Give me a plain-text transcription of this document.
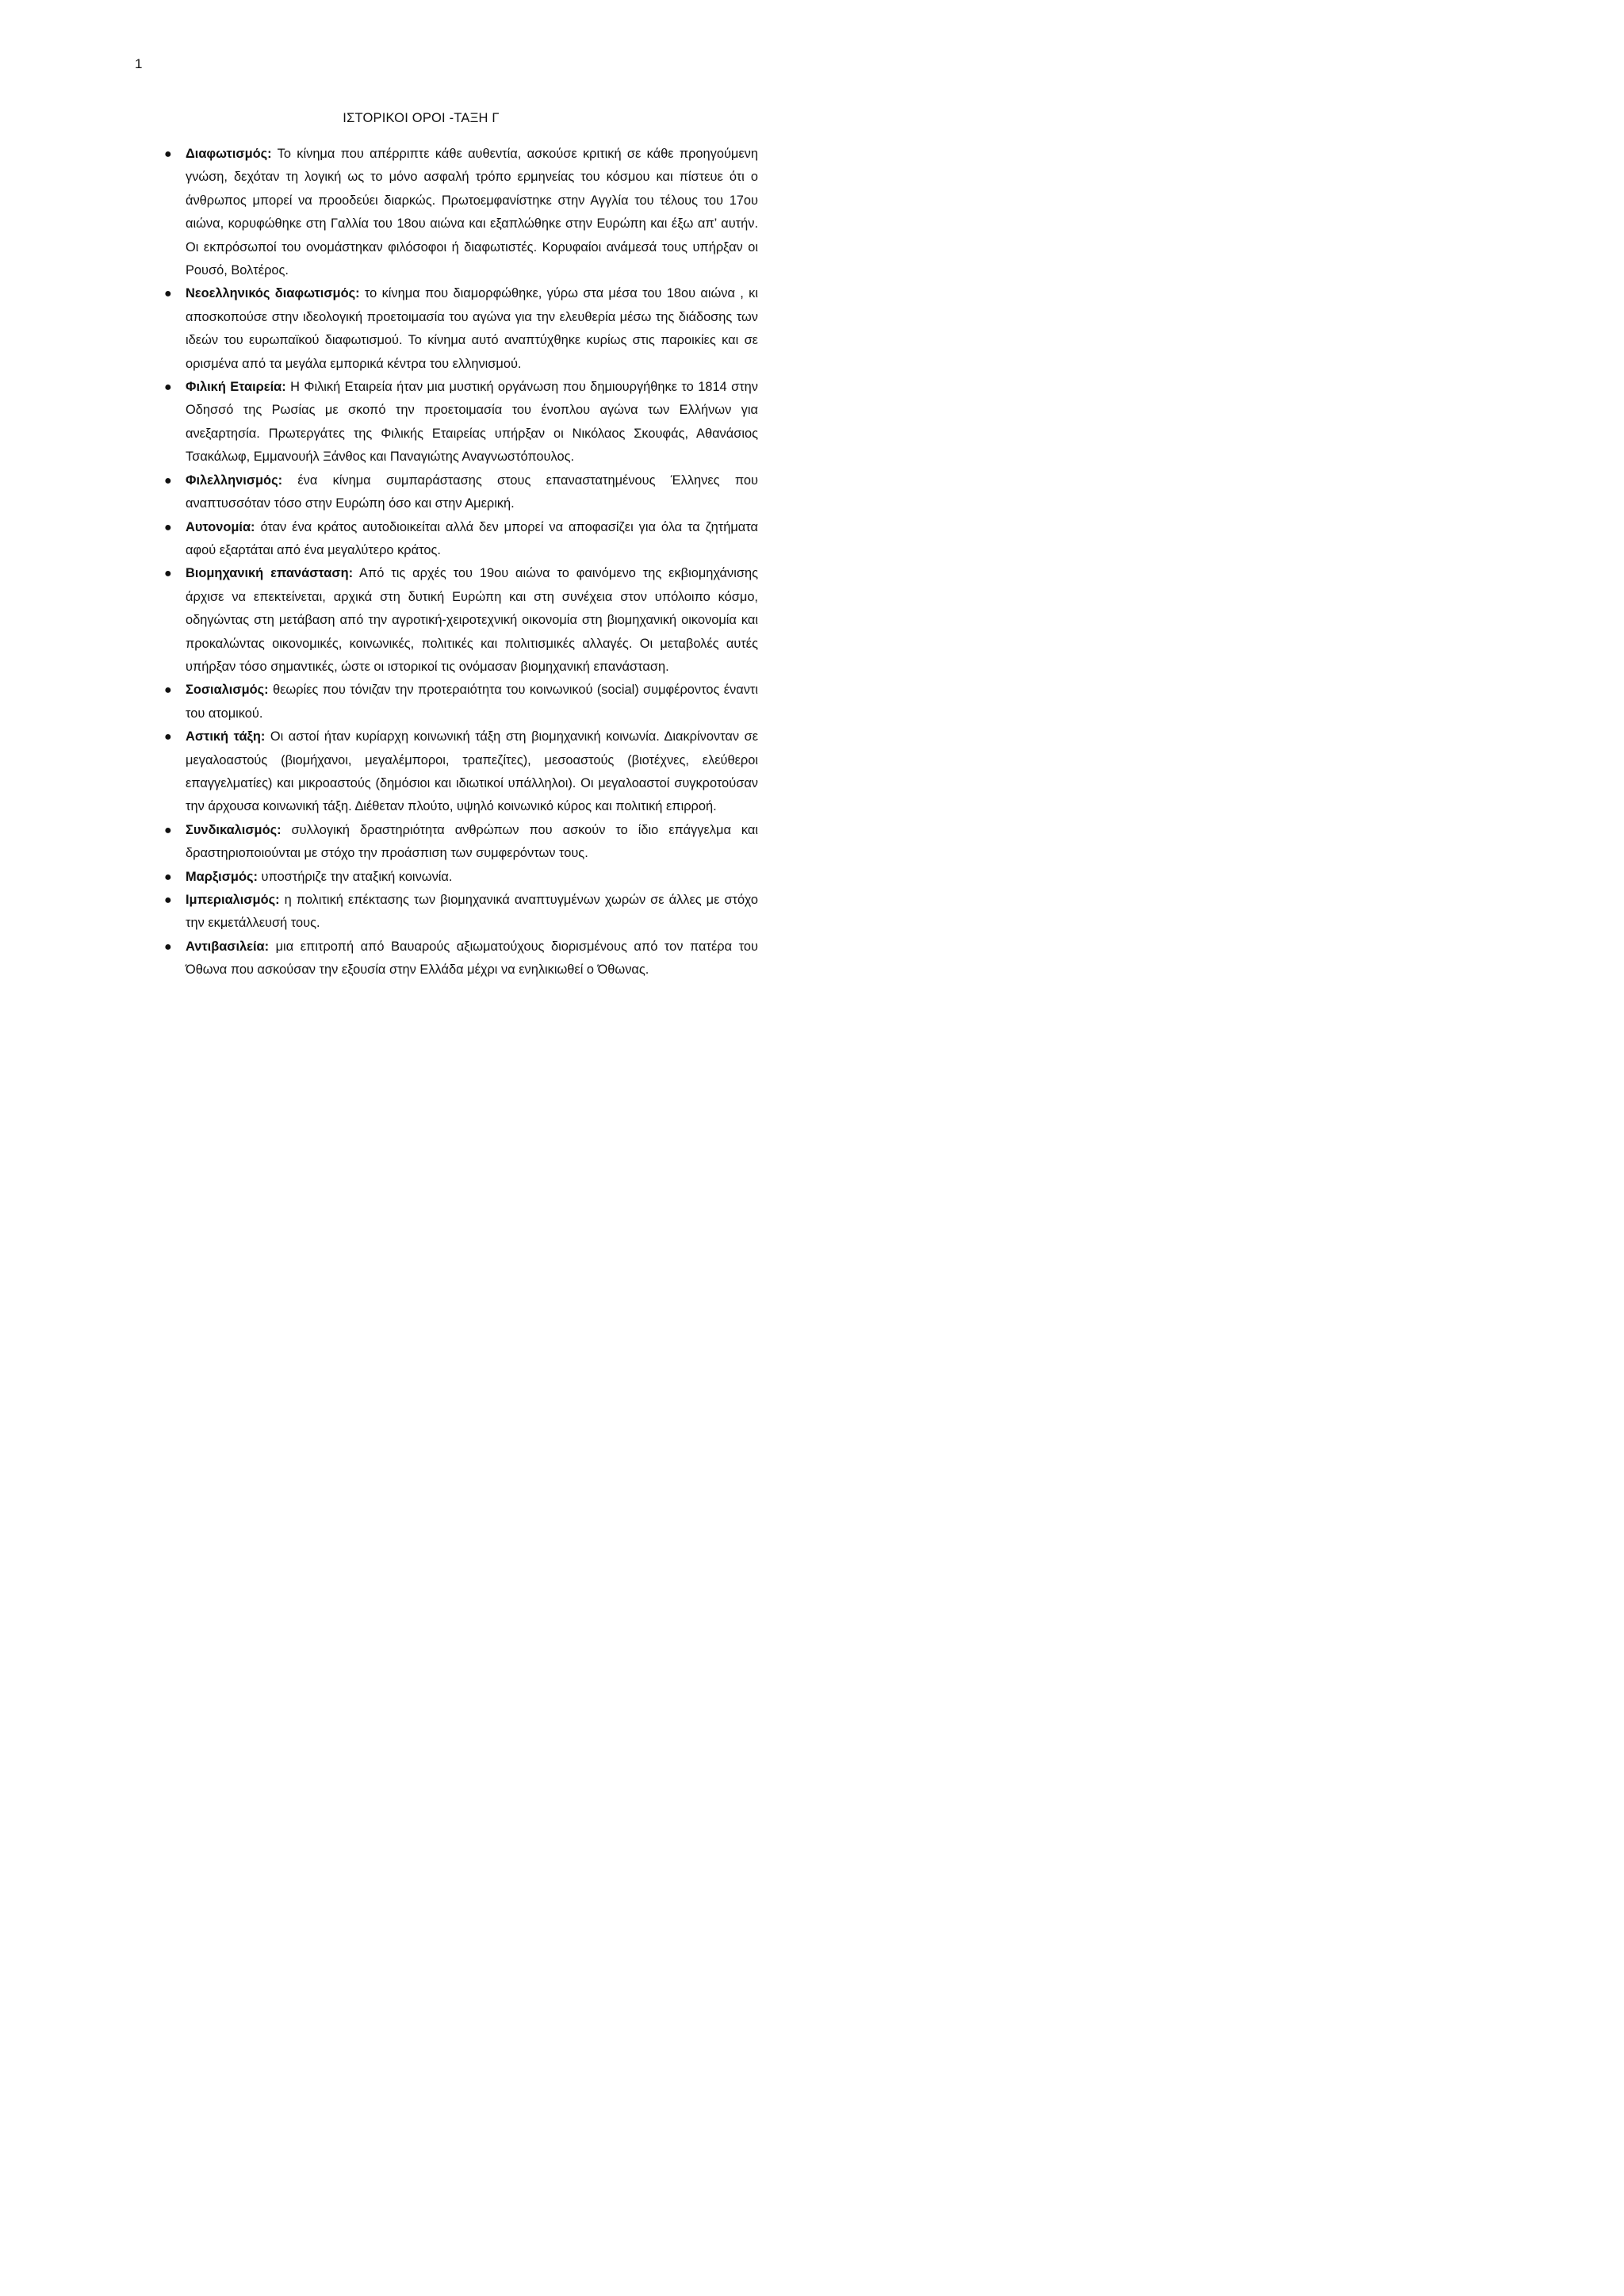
1
ΙΣΤΟΡΙΚΟΙ ΟΡΟΙ -ΤΑΞΗ Γ
● Διαφωτισμός: Το κίνημα που απέρριπτε κάθε αυθεντία, ασκούσε κριτική σε κάθε προηγούμενη γνώση, δεχόταν τη λογική ως το μόνο ασφαλή τρόπο ερμηνείας του κόσμου και πίστευε ότι ο άνθρωπος μπορεί να προοδεύει διαρκώς. Πρωτοεμφανίστηκε στην Αγγλία του τέλους του 17ου αιώνα, κορυφώθηκε στη Γαλλία του 18ου αιώνα και εξαπλώθηκε στην Ευρώπη και έξω απ’ αυτήν. Οι εκπρόσωποί του ονομάστηκαν φιλόσοφοι ή διαφωτιστές. Κορυφαίοι ανάμεσά τους υπήρξαν οι Ρουσό, Βολτέρος.
● Νεοελληνικός διαφωτισμός: το κίνημα που διαμορφώθηκε, γύρω στα μέσα του 18ου αιώνα , κι αποσκοπούσε στην ιδεολογική προετοιμασία του αγώνα για την ελευθερία μέσω της διάδοσης των ιδεών του ευρωπαϊκού διαφωτισμού. Το κίνημα αυτό αναπτύχθηκε κυρίως στις παροικίες και σε ορισμένα από τα μεγάλα εμπορικά κέντρα του ελληνισμού.
● Φιλική Εταιρεία: Η Φιλική Εταιρεία ήταν μια μυστική οργάνωση που δημιουργήθηκε το 1814 στην Οδησσό της Ρωσίας με σκοπό την προετοιμασία του ένοπλου αγώνα των Ελλήνων για ανεξαρτησία. Πρωτεργάτες της Φιλικής Εταιρείας υπήρξαν οι Νικόλαος Σκουφάς, Αθανάσιος Τσακάλωφ, Εμμανουήλ Ξάνθος και Παναγιώτης Αναγνωστόπουλος.
● Φιλελληνισμός: ένα κίνημα συμπαράστασης στους επαναστατημένους Έλληνες που αναπτυσσόταν τόσο στην Ευρώπη όσο και στην Αμερική.
● Αυτονομία: όταν ένα κράτος αυτοδιοικείται αλλά δεν μπορεί να αποφασίζει για όλα τα ζητήματα αφού εξαρτάται από ένα μεγαλύτερο κράτος.
● Βιομηχανική επανάσταση: Από τις αρχές του 19ου αιώνα το φαινόμενο της εκβιομηχάνισης άρχισε να επεκτείνεται, αρχικά στη δυτική Ευρώπη και στη συνέχεια στον υπόλοιπο κόσμο, οδηγώντας στη μετάβαση από την αγροτική-χειροτεχνική οικονομία στη βιομηχανική οικονομία και προκαλώντας οικονομικές, κοινωνικές, πολιτικές και πολιτισμικές αλλαγές. Οι μεταβολές αυτές υπήρξαν τόσο σημαντικές, ώστε οι ιστορικοί τις ονόμασαν βιομηχανική επανάσταση.
● Σοσιαλισμός: θεωρίες που τόνιζαν την προτεραιότητα του κοινωνικού (social) συμφέροντος έναντι του ατομικού.
● Αστική τάξη: Οι αστοί ήταν κυρίαρχη κοινωνική τάξη στη βιομηχανική κοινωνία. Διακρίνονταν σε μεγαλοαστούς (βιομήχανοι, μεγαλέμποροι, τραπεζίτες), μεσοαστούς (βιοτέχνες, ελεύθεροι επαγγελματίες) και μικροαστούς (δημόσιοι και ιδιωτικοί υπάλληλοι). Οι μεγαλοαστοί συγκροτούσαν την άρχουσα κοινωνική τάξη. Διέθεταν πλούτο, υψηλό κοινωνικό κύρος και πολιτική επιρροή.
● Συνδικαλισμός: συλλογική δραστηριότητα ανθρώπων που ασκούν το ίδιο επάγγελμα και δραστηριοποιούνται με στόχο την προάσπιση των συμφερόντων τους.
● Μαρξισμός: υποστήριζε την αταξική κοινωνία.
● Ιμπεριαλισμός: η πολιτική επέκτασης των βιομηχανικά αναπτυγμένων χωρών σε άλλες με στόχο την εκμετάλλευσή τους.
● Αντιβασιλεία: μια επιτροπή από Βαυαρούς αξιωματούχους διορισμένους από τον πατέρα του Όθωνα που ασκούσαν την εξουσία στην Ελλάδα μέχρι να ενηλικιωθεί ο Όθωνας.
